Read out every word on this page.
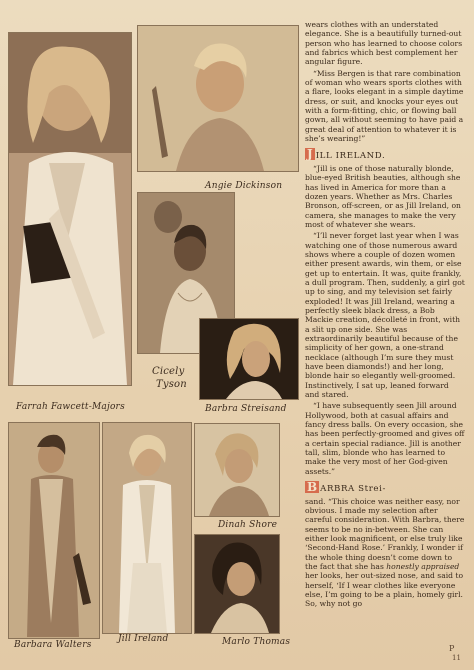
Farrah Fawcett-Majors
Angie Dickinson
Cicely
Tyson
Barbra Streisand
Barbara Walters
Jill Ireland
Dinah Shore
Marlo Thomas

wears clothes with an understated elegance. She is a beautifully turned-out person who has learned to choose colors and fabrics which best complement her angular figure.

“Miss Bergen is that rare combination of woman who wears sports clothes with a flare, looks elegant in a simple daytime dress, or suit, and knocks your eyes out with a form-fitting, chic, or flowing ball gown, all without seeming to have paid a great deal of attention to whatever it is she’s wearing!”

J ILL IRELAND.

“Jill is one of those naturally blonde, blue-eyed British beauties, although she has lived in America for more than a dozen years. Whether as Mrs. Charles Bronson, off-screen, or as Jill Ireland, on camera, she manages to make the very most of whatever she wears.

“I’ll never forget last year when I was watching one of those numerous award shows where a couple of dozen women either present awards, win them, or else get up to entertain. It was, quite frankly, a dull program. Then, suddenly, a girl got up to sing, and my television set fairly exploded! It was Jill Ireland, wearing a perfectly sleek black dress, a Bob Mackie creation, décolleté in front, with a slit up one side. She was extraordinarily beautiful because of the simplicity of her gown, a one-strand necklace (although I’m sure they must have been diamonds!) and her long, blonde hair so elegantly well-groomed. Instinctively, I sat up, leaned forward and stared.

“I have subsequently seen Jill around Hollywood, both at casual affairs and fancy dress balls. On every occasion, she has been perfectly-groomed and gives off a certain special radiance. Jill is another tall, slim, blonde who has learned to make the very most of her God-given assets.”

B ARBRA Strei-

sand. “This choice was neither easy, nor obvious. I made my selection after careful consideration. With Barbra, there seems to be no in-between. She can either look magnificent, or else truly like ‘Second-Hand Rose.’ Frankly, I wonder if the whole thing doesn’t come down to the fact that she has honestly appraised her looks, her out-sized nose, and said to herself, ‘If I wear clothes like everyone else, I’m going to be a plain, homely girl. So, why not go

P
11
